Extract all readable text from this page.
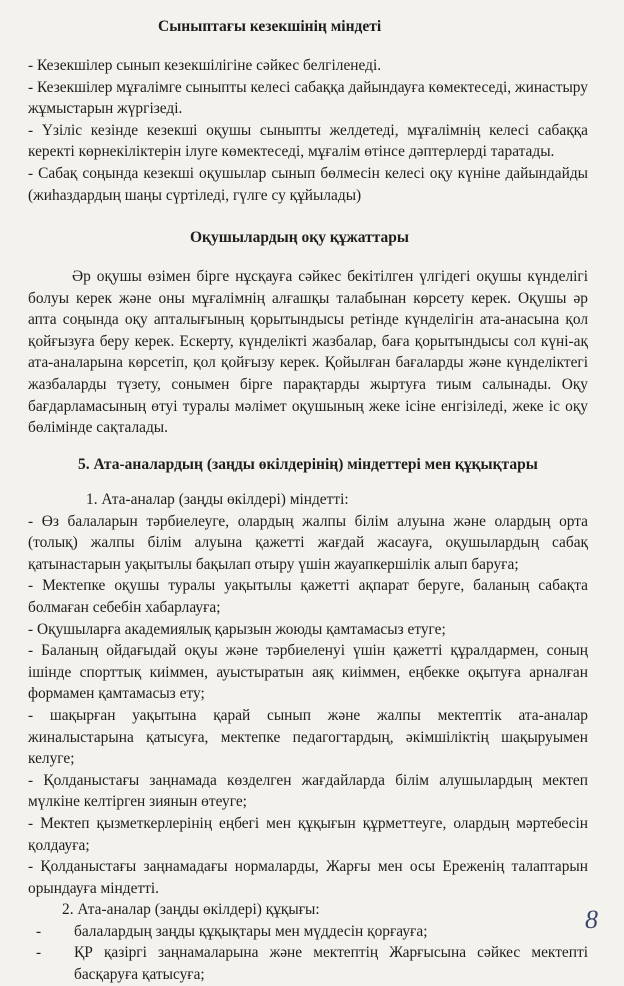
Сыныптағы кезекшінің міндеті

- Кезекшілер сынып кезекшілігіне сәйкес белгіленеді.

- Кезекшілер мұғалімге сыныпты келесі сабаққа дайындауға көмектеседі, жинастыру жұмыстарын жүргізеді.

- Үзіліс кезінде кезекші оқушы сыныпты желдетеді, мұғалімнің келесі сабаққа керекті көрнекіліктерін ілуге көмектеседі, мұғалім өтінсе дәптерлерді таратады.

- Сабақ соңында кезекші оқушылар сынып бөлмесін келесі оқу күніне дайындайды (жиһаздардың шаңы сүртіледі, гүлге су құйылады)

Оқушылардың оқу құжаттары

Әр оқушы өзімен бірге нұсқауға сәйкес бекітілген үлгідегі оқушы күнделігі болуы керек және оны мұғалімнің алғашқы талабынан көрсету керек. Оқушы әр апта соңында оқу апталығының қорытындысы ретінде күнделігін ата-анасына қол қойғызуға беру керек. Ескерту, күнделікті жазбалар, баға қорытындысы сол күні-ақ ата-аналарына көрсетіп, қол қойғызу керек. Қойылған бағаларды және күнделіктегі жазбаларды түзету, сонымен бірге парақтарды жыртуға тиым салынады. Оқу бағдарламасының өтуі туралы мәлімет оқушының жеке ісіне енгізіледі, жеке іс оқу бөлімінде сақталады.

5. Ата-аналардың (заңды өкілдерінің) міндеттері мен құқықтары

1. Ата-аналар (заңды өкілдері) міндетті:

- Өз балаларын тәрбиелеуге, олардың жалпы білім алуына және олардың орта (толық) жалпы білім алуына қажетті жағдай жасауға, оқушылардың сабақ қатынастарын уақытылы бақылап отыру үшін жауапкершілік алып баруға;

- Мектепке оқушы туралы уақытылы қажетті ақпарат беруге, баланың сабақта болмаған себебін хабарлауға;

- Оқушыларға академиялық қарызын жоюды қамтамасыз етуге;

- Баланың ойдағыдай оқуы және тәрбиеленуі үшін қажетті құралдармен, соның ішінде спорттық киіммен, ауыстыратын аяқ киіммен, еңбекке оқытуға арналған формамен қамтамасыз ету;

- шақырған уақытына қарай сынып және жалпы мектептік ата-аналар жиналыстарына қатысуға, мектепке педагогтардың, әкімшіліктің шақыруымен келуге;

- Қолданыстағы заңнамада көзделген жағдайларда білім алушылардың мектеп мүлкіне келтірген зиянын өтеуге;

- Мектеп қызметкерлерінің еңбегі мен құқығын құрметтеуге, олардың мәртебесін қолдауға;

- Қолданыстағы заңнамадағы нормаларды, Жарғы мен осы Ереженің талаптарын орындауға міндетті.

2. Ата-аналар (заңды өкілдері) құқығы:

- балалардың заңды құқықтары мен мүддесін қорғауға;

- ҚР қазіргі заңнамаларына және мектептің Жарғысына сәйкес мектепті басқаруға қатысуға;

8
